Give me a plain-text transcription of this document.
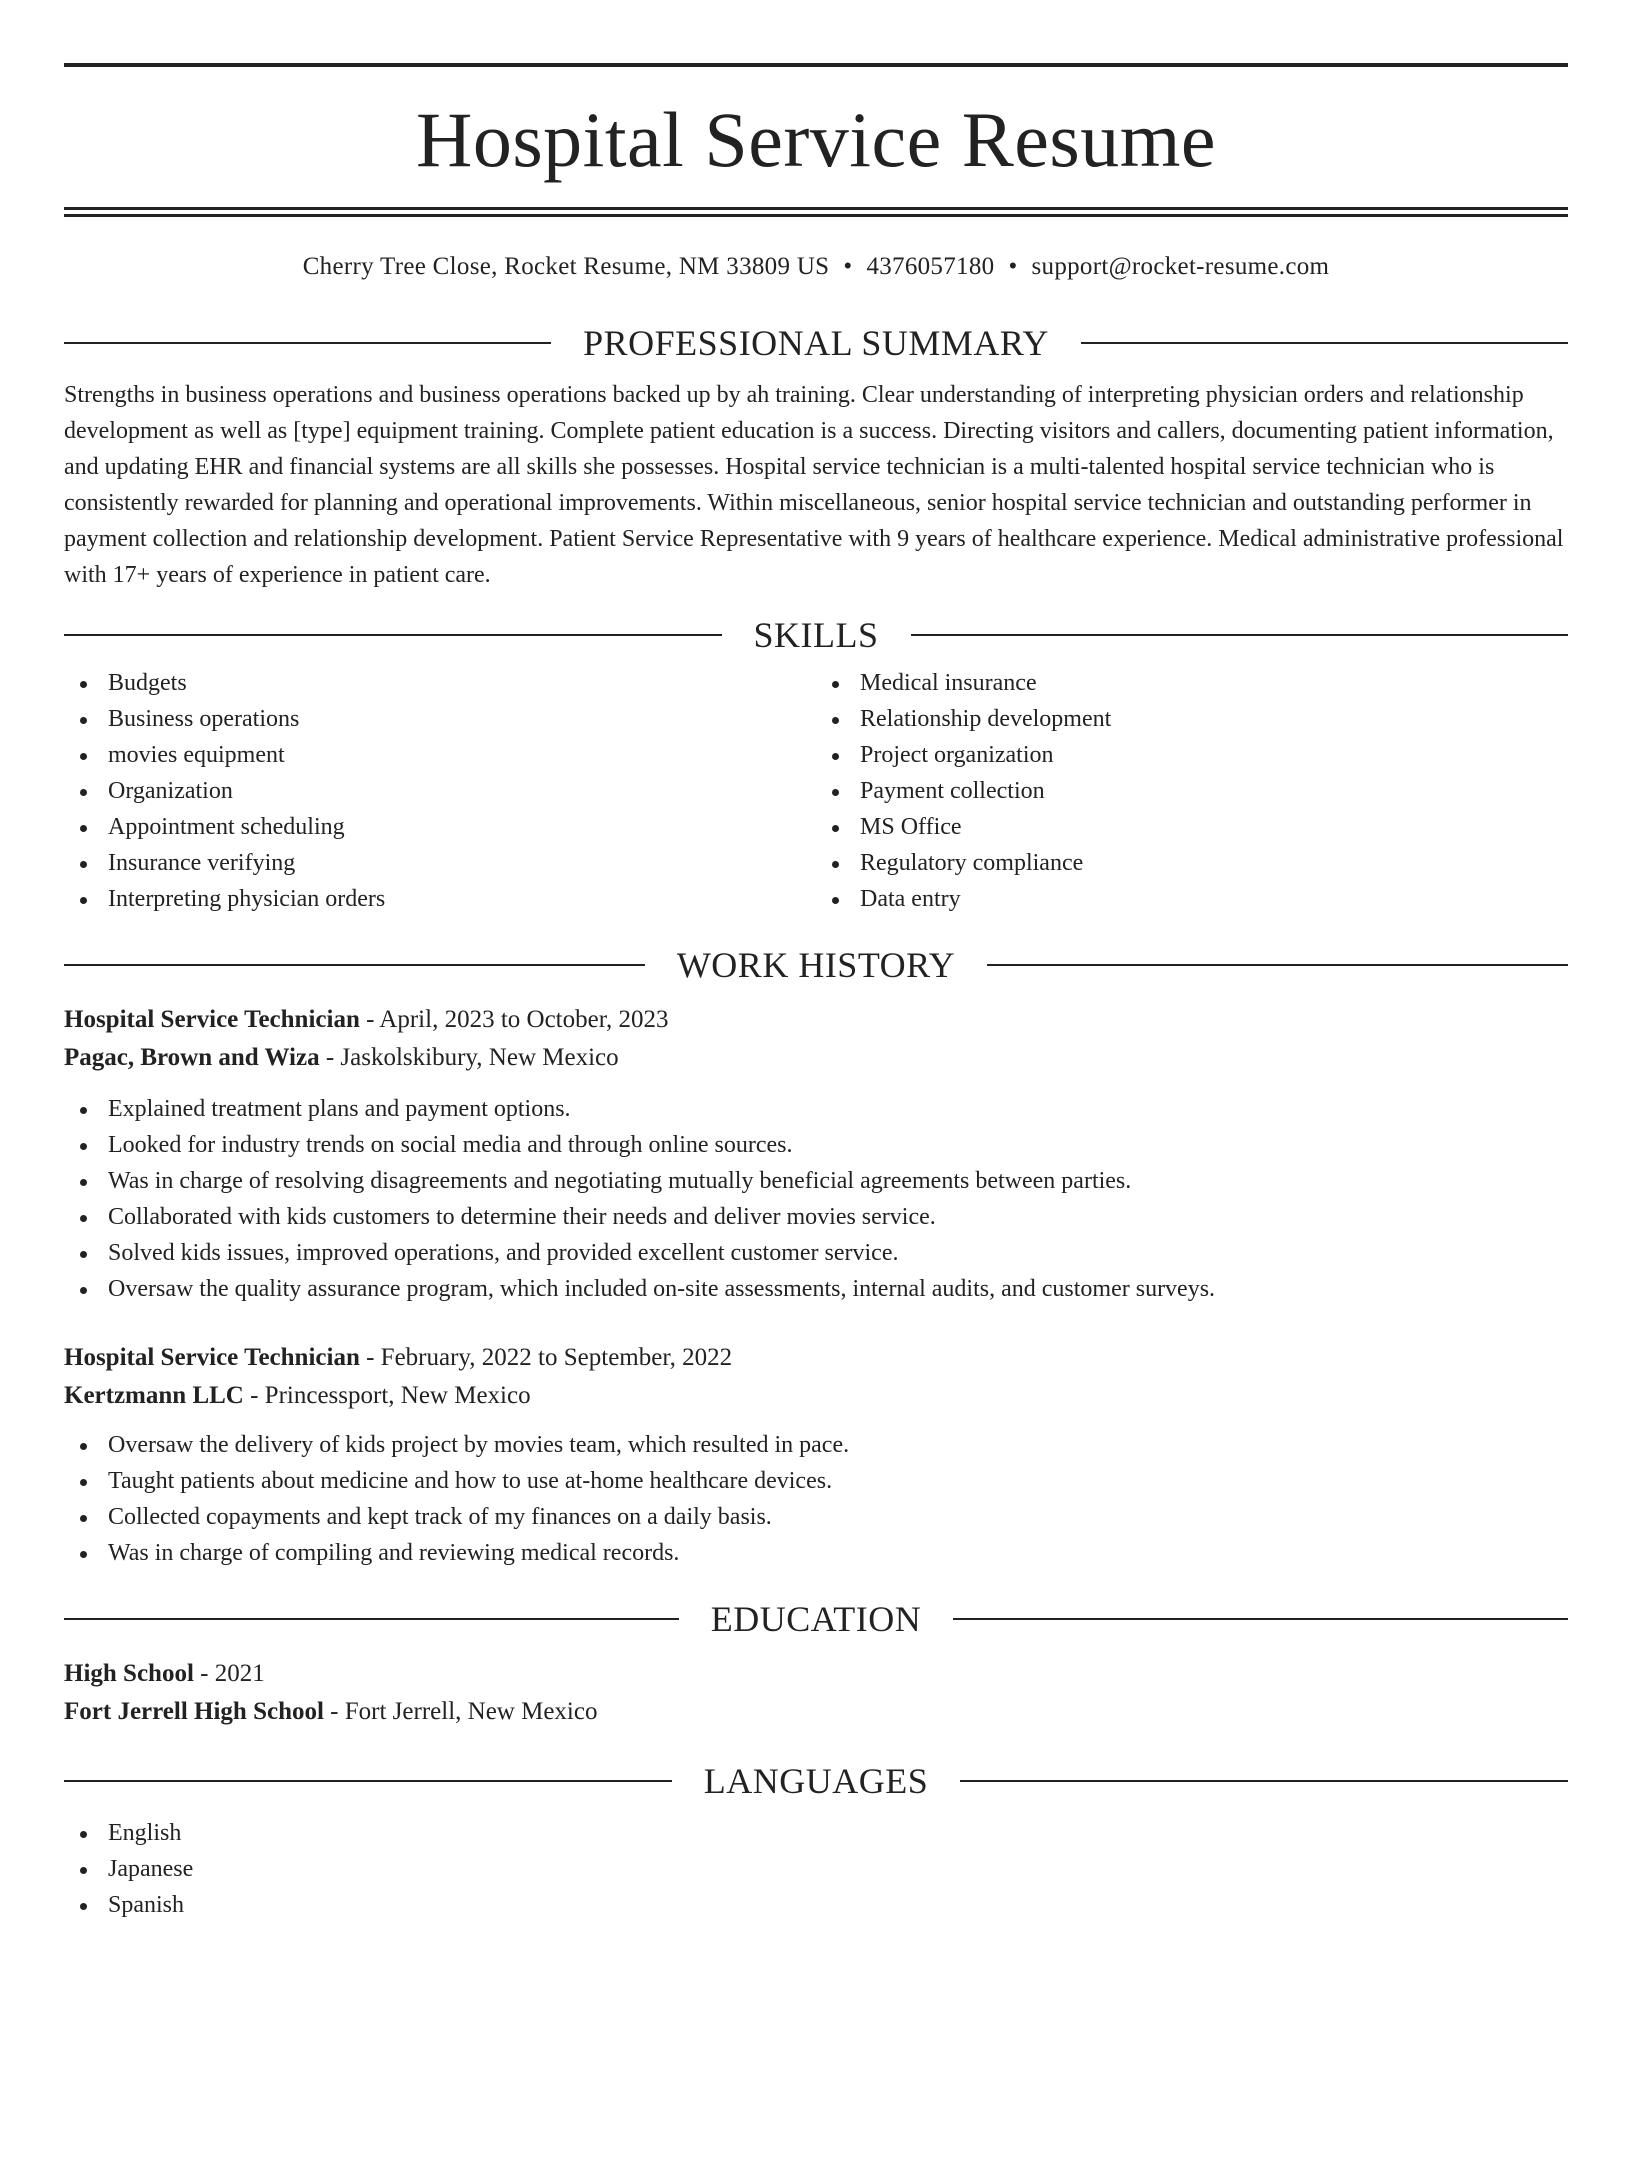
Hospital Service Resume
Cherry Tree Close, Rocket Resume, NM 33809 US • 4376057180 • support@rocket-resume.com
PROFESSIONAL SUMMARY

Strengths in business operations and business operations backed up by ah training. Clear understanding of interpreting physician orders and relationship development as well as [type] equipment training. Complete patient education is a success. Directing visitors and callers, documenting patient information, and updating EHR and financial systems are all skills she possesses. Hospital service technician is a multi-talented hospital service technician who is consistently rewarded for planning and operational improvements. Within miscellaneous, senior hospital service technician and outstanding performer in payment collection and relationship development. Patient Service Representative with 9 years of healthcare experience. Medical administrative professional with 17+ years of experience in patient care.

SKILLS
Budgets
Business operations
movies equipment
Organization
Appointment scheduling
Insurance verifying
Interpreting physician orders
Medical insurance
Relationship development
Project organization
Payment collection
MS Office
Regulatory compliance
Data entry
WORK HISTORY
Hospital Service Technician - April, 2023 to October, 2023
Pagac, Brown and Wiza - Jaskolskibury, New Mexico
Explained treatment plans and payment options.
Looked for industry trends on social media and through online sources.
Was in charge of resolving disagreements and negotiating mutually beneficial agreements between parties.
Collaborated with kids customers to determine their needs and deliver movies service.
Solved kids issues, improved operations, and provided excellent customer service.
Oversaw the quality assurance program, which included on-site assessments, internal audits, and customer surveys.
Hospital Service Technician - February, 2022 to September, 2022
Kertzmann LLC - Princessport, New Mexico
Oversaw the delivery of kids project by movies team, which resulted in pace.
Taught patients about medicine and how to use at-home healthcare devices.
Collected copayments and kept track of my finances on a daily basis.
Was in charge of compiling and reviewing medical records.
EDUCATION
High School - 2021
Fort Jerrell High School - Fort Jerrell, New Mexico
LANGUAGES
English
Japanese
Spanish
